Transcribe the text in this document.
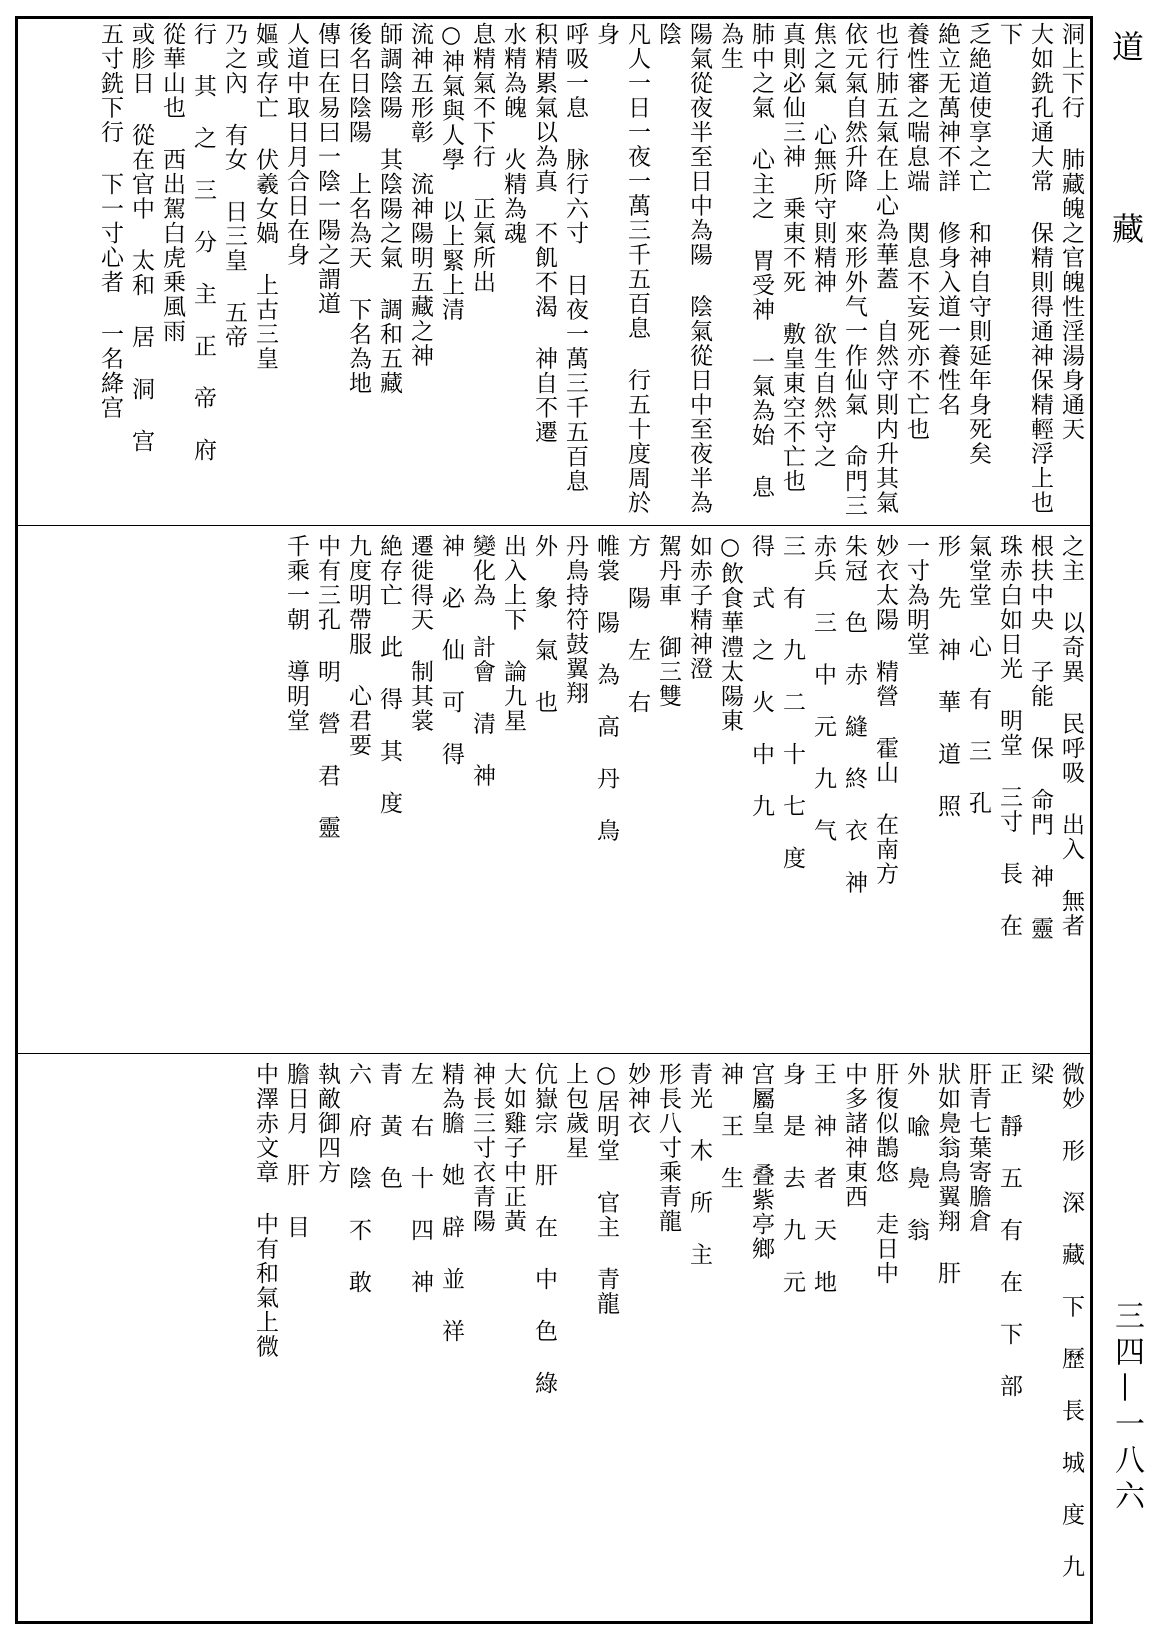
道藏
三四—一八六
洞上下行 肺藏魄之官魄性淫湯身通天
大如銑孔通大常 保精則得通神保精輕浮上也下
乏絶道使享之亡 和神自守則延年身死矣
絶立无萬神不詳 修身入道一養性名
養性審之喘息端 関息不妄死亦不亡也
也行肺五氣在上心為華蓋 自然守則内升其氣
依元氣自然升降 來形外气一作仙氣 命門三焦之氣 心無所守則精神 欲生自然守之 真則必仙三神 乗東不死 敷皇東空不亡也
肺中之氣 心主之 胃受神 一氣為始 息為生
陽氣從夜半至日中為陽 陰氣從日中至夜半為陰
凡人一日一夜一萬三千五百息 行五十度周於身
呼吸一息 脉行六寸 日夜一萬三千五百息
积精累氣以為真 不飢不渴 神自不遷
水精為魄 火精為魂
息精氣不下行 正氣所出
○神氣與人學 以上緊上清
流神五形彰 流神陽明五藏之神
師調陰陽 其陰陽之氣 調和五藏
後名日陰陽 上名為天 下名為地
傳曰在易曰一陰一陽之謂道
人道中取日月合日在身
嫗或存亡 伏羲女媧 上古三皇
乃之內 有女 日三皇 五帝
行 其 之 三 分 主 正 帝 府
從華山也 西出駕白虎乗風雨
或胗日 從在官中 太和 居 洞 宫
五寸銑下行 下一寸心者 一名絳宫
之主 以奇異 民呼吸 出入 無者
根扶中央 子能 保 命門 神 靈
珠赤白如日光 明堂 三寸 長 在
氣堂堂 心 有 三 孔
形 先 神 華 道 照
一寸為明堂
妙衣太陽 精營 霍山 在南方
朱冠 色 赤 縫 終 衣 神
赤兵 三 中 元 九 气
三 有 九 二 十 七 度
得 式 之 火 中 九
○飲食華澧太陽東
如赤子精神澄
駕丹車 御三雙
方 陽 左 右
帷裳 陽 為 高 丹 鳥
丹鳥持符鼓翼翔
外 象 氣 也
出入上下 論九星
變化為 計會 清 神
神 必 仙 可 得
遷徙得天 制其裳
絶存亡 此 得 其 度
九度明帶服 心君要
中有三孔 明 營 君 靈
千乘一朝 導明堂
微妙 形 深 藏 下 歷 長 城 度 九 梁
正 靜 五 有 在 下 部
肝青七葉寄膽倉
狀如鳧翁鳥翼翔 肝
外 喩 鳧 翁
肝復似鵲悠 走日中
中多諸神東西
王 神 者 天 地
身 是 去 九 元
宫屬皇 叠紫亭鄉
神 王 生
青光 木 所 主
形長八寸乘青龍
妙神衣
○居明堂 官主 青龍
上包歲星
伉嶽宗 肝 在 中 色 綠
大如雞子中正黃
神長三寸衣青陽
精為膽 她 辟 並 祥
左 右 十 四 神
青 黃 色
六 府 陰 不 敢
執敵御四方
膽日月 肝 目
中澤赤文章 中有和氣上微
